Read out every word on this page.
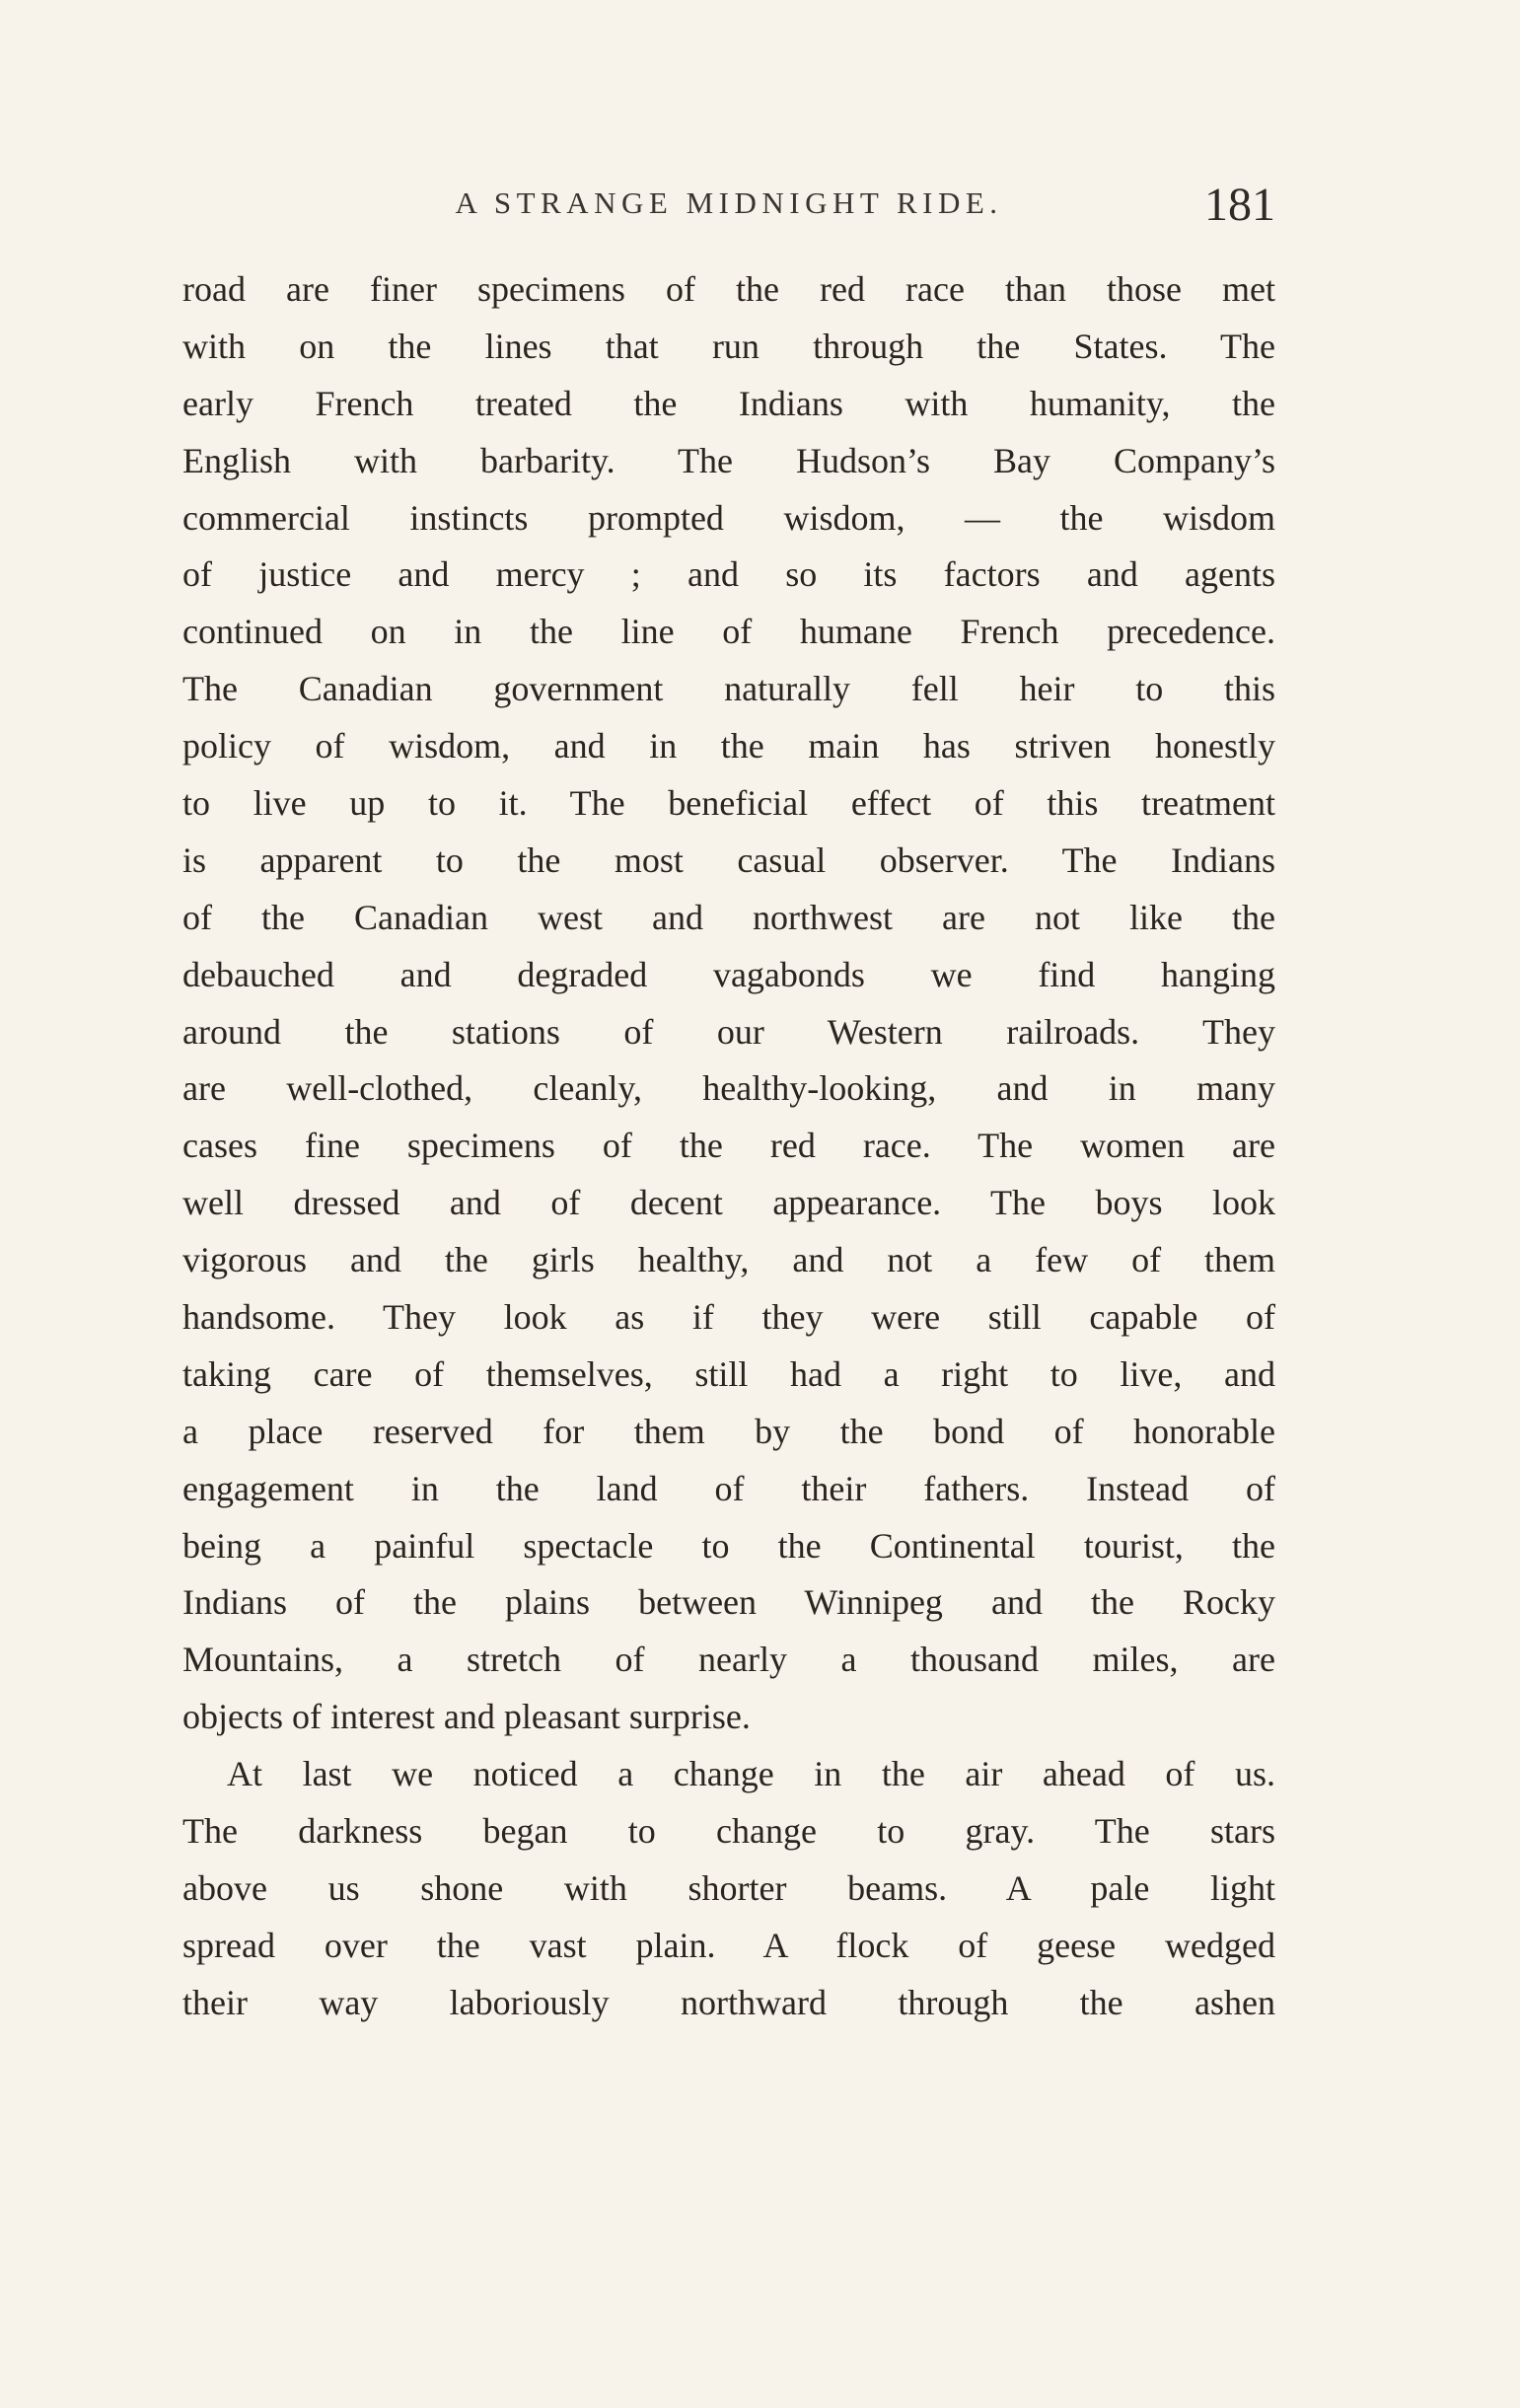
A STRANGE MIDNIGHT RIDE.	181
road are finer specimens of the red race than those met
with on the lines that run through the States. The
early French treated the Indians with humanity, the
English with barbarity. The Hudson’s Bay Company’s
commercial instincts prompted wisdom, — the wisdom
of justice and mercy ; and so its factors and agents
continued on in the line of humane French precedence.
The Canadian government naturally fell heir to this
policy of wisdom, and in the main has striven honestly
to live up to it. The beneficial effect of this treatment
is apparent to the most casual observer. The Indians
of the Canadian west and northwest are not like the
debauched and degraded vagabonds we find hanging
around the stations of our Western railroads. They
are well-clothed, cleanly, healthy-looking, and in many
cases fine specimens of the red race. The women are
well dressed and of decent appearance. The boys look
vigorous and the girls healthy, and not a few of them
handsome. They look as if they were still capable of
taking care of themselves, still had a right to live, and
a place reserved for them by the bond of honorable
engagement in the land of their fathers. Instead of
being a painful spectacle to the Continental tourist, the
Indians of the plains between Winnipeg and the Rocky
Mountains, a stretch of nearly a thousand miles, are
objects of interest and pleasant surprise.
At last we noticed a change in the air ahead of us.
The darkness began to change to gray. The stars
above us shone with shorter beams. A pale light
spread over the vast plain. A flock of geese wedged
their way laboriously northward through the ashen
